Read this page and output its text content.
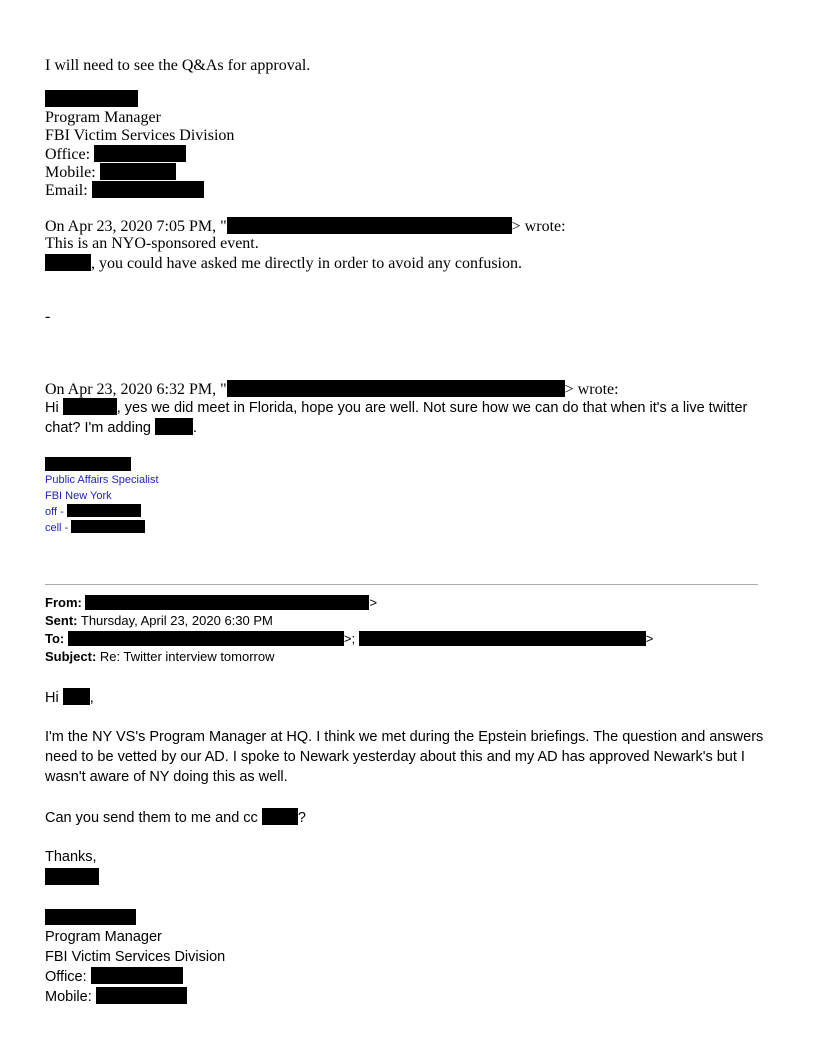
I will need to see the Q&As for approval.
Program Manager
FBI Victim Services Division
Office:
Mobile:
Email:
On Apr 23, 2020 7:05 PM, "	> wrote:
This is an NYO-sponsored event.
, you could have asked me directly in order to avoid any confusion.
-
On Apr 23, 2020 6:32 PM, "	> wrote:
Hi	, yes we did meet in Florida, hope you are well. Not sure how we can do that when it's a live twitter
chat? I'm adding	.
Public Affairs Specialist
FBI New York
off -
cell -
From:	>
Sent: Thursday, April 23, 2020 6:30 PM
To:	>;	>
Subject: Re: Twitter interview tomorrow
Hi ,
I'm the NY VS's Program Manager at HQ. I think we met during the Epstein briefings. The question and answers
need to be vetted by our AD. I spoke to Newark yesterday about this and my AD has approved Newark's but I
wasn't aware of NY doing this as well.
Can you send them to me and cc ?
Thanks,
Program Manager
FBI Victim Services Division
Office:
Mobile:
